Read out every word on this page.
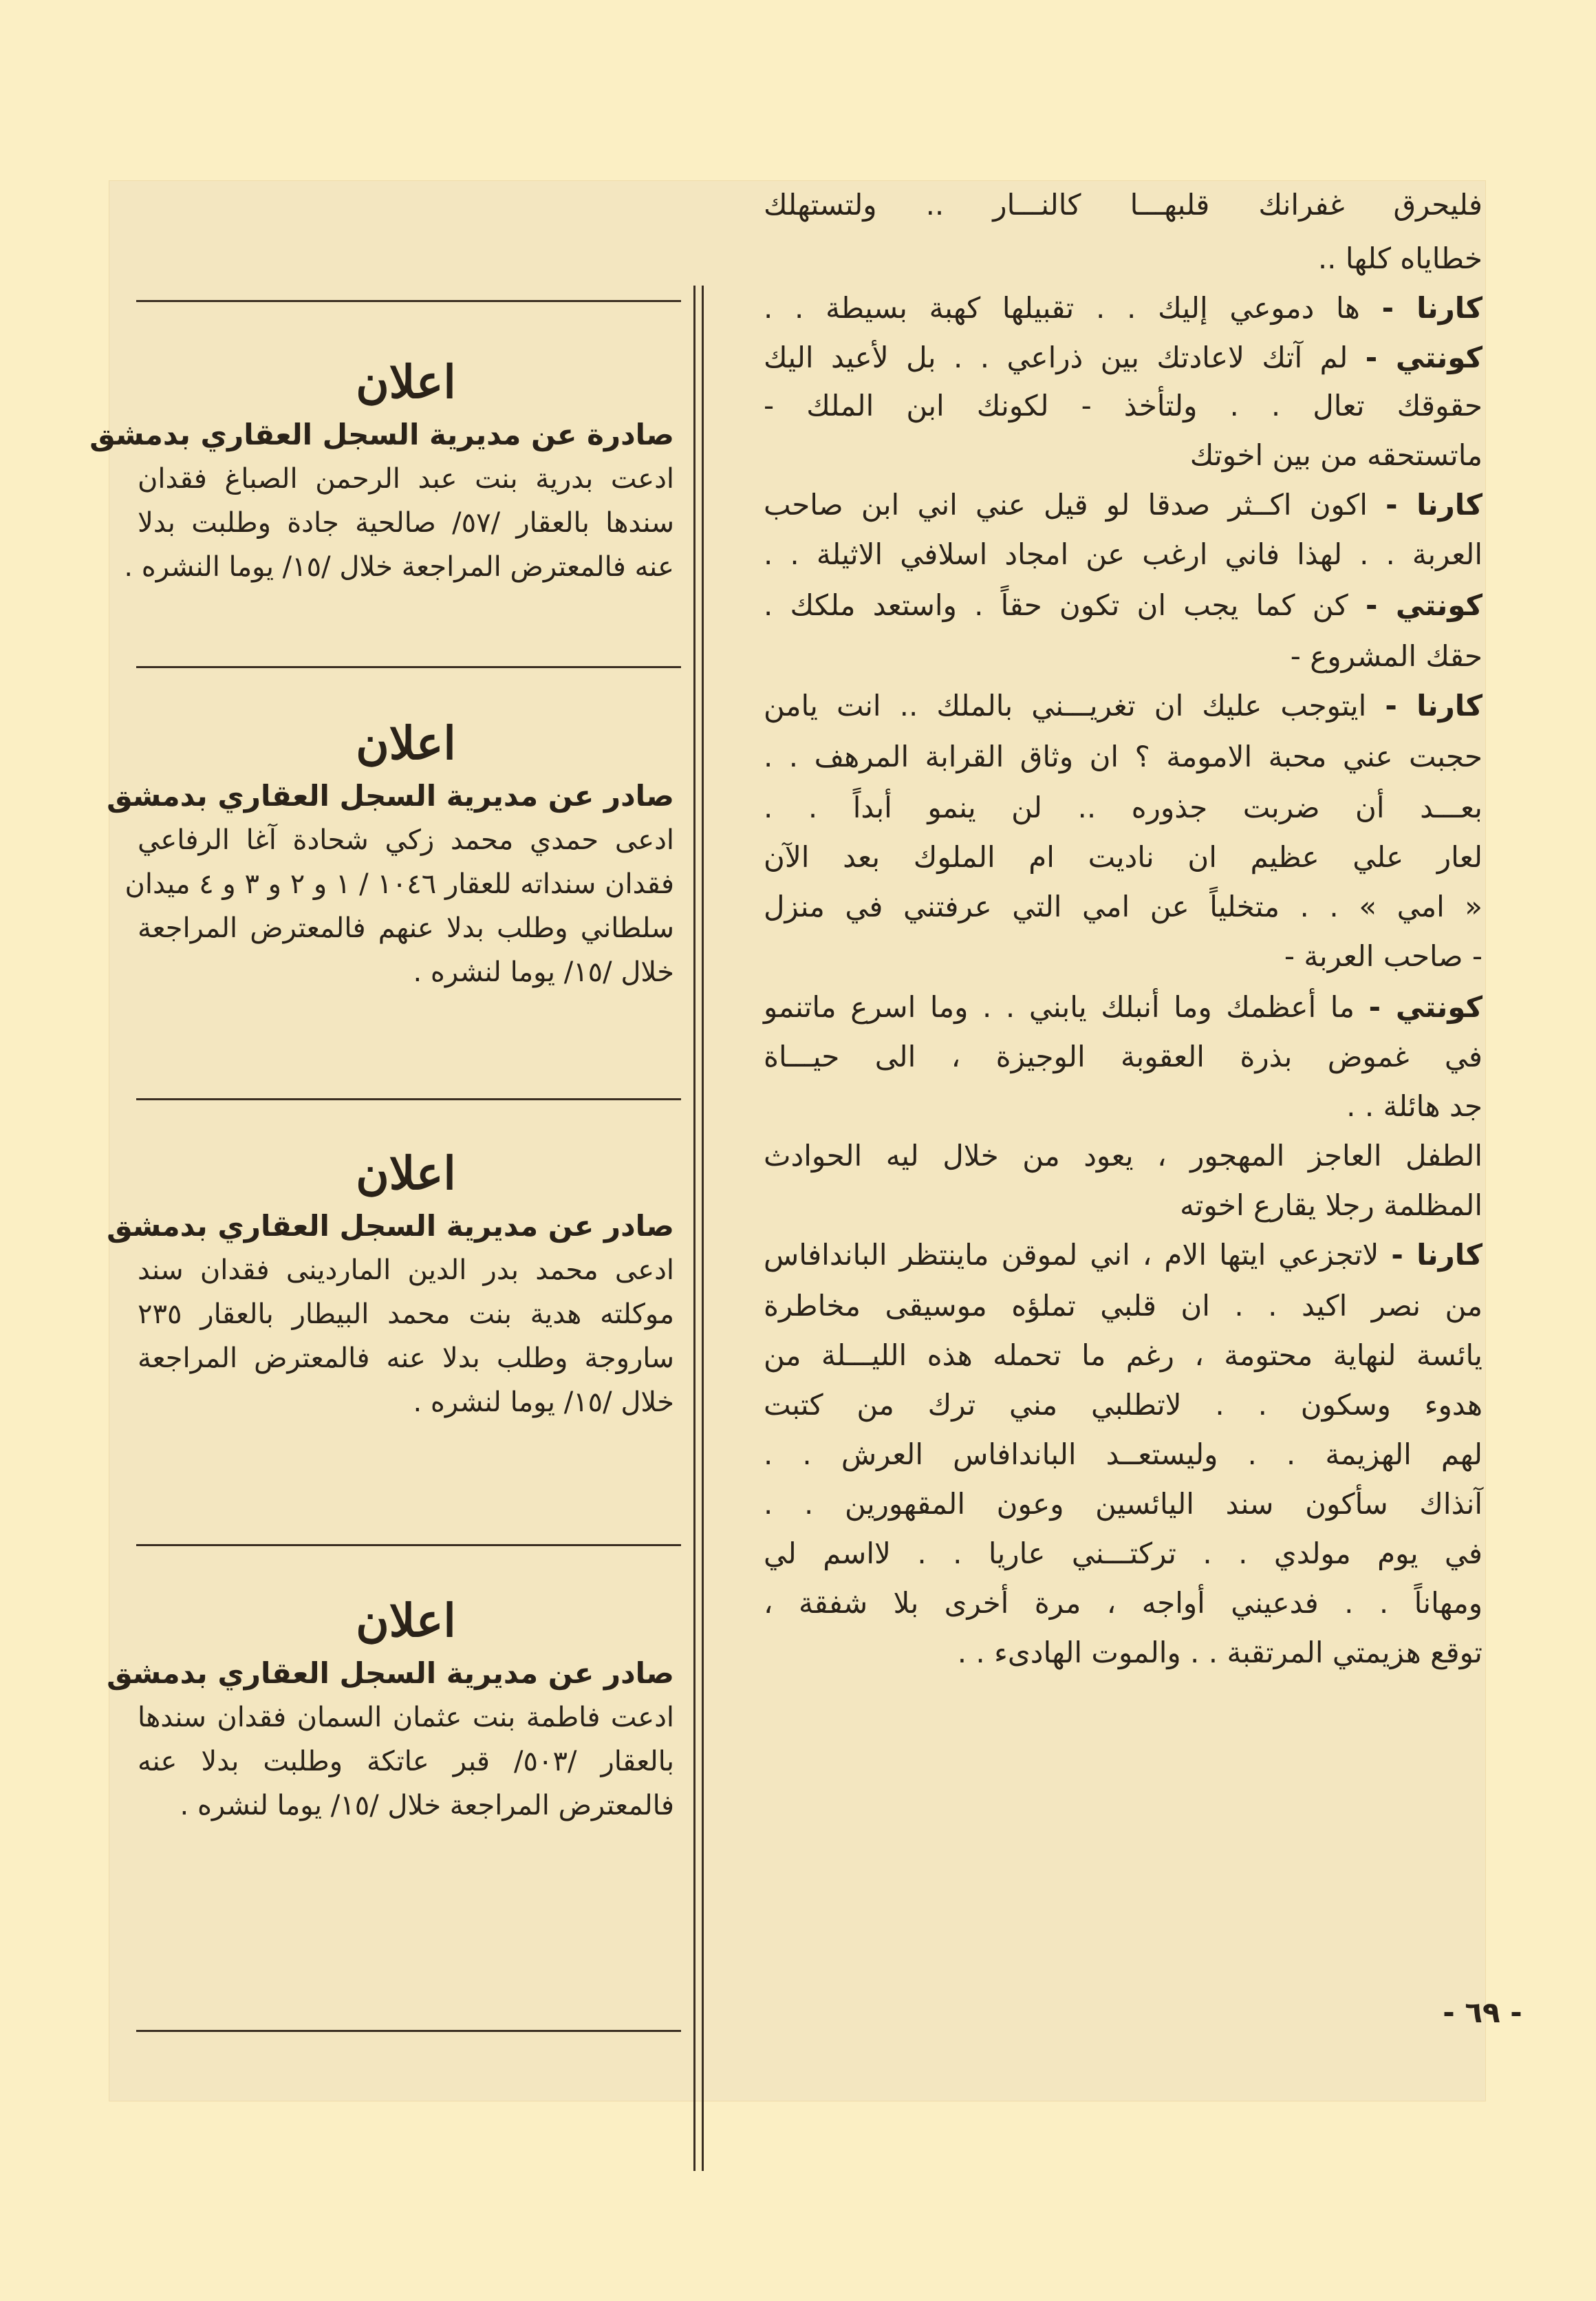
فليحرق غفرانك قلبهـــا كالنـــار .. ولتستهلك
خطاياه كلها ..
كارنا - ها دموعي إليك . . تقبيلها كهبة بسيطة . .
كونتي - لم آتك لاعادتك بين ذراعي . . بل لأعيد اليك
حقوقك تعال . . ولتأخذ - لكونك ابن الملك -
ماتستحقه من بين اخوتك
كارنا - اكون اكــثر صدقا لو قيل عني اني ابن صاحب
العربة . . لهذا فاني ارغب عن امجاد اسلافي الاثيلة . .
كونتي - كن كما يجب ان تكون حقاً . واستعد ملكك .
حقك المشروع -
كارنا - ايتوجب عليك ان تغريـــني بالملك .. انت يامن
حجبت عني محبة الامومة ؟ ان وثاق القرابة المرهف . .
بعـــد أن ضربت جذوره .. لن ينمو أبداً . .
لعار علي عظيم ان ناديت ام الملوك بعد الآن
« امي » . . متخلياً عن امي التي عرفتني في منزل
- صاحب العربة -
كونتي - ما أعظمك وما أنبلك يابني . . وما اسرع ماتنمو
في غموض بذرة العقوبة الوجيزة ، الى حيـــاة
جد هائلة . .
الطفل العاجز المهجور ، يعود من خلال ليه الحوادث
المظلمة رجلا يقارع اخوته
كارنا - لاتجزعي ايتها الام ، اني لموقن ماينتظر الباندافاس
من نصر اكيد . . ان قلبي تملؤه موسيقى مخاطرة
يائسة لنهاية محتومة ، رغم ما تحمله هذه الليـــلة من
هدوء وسكون . . لاتطلبي مني ترك من كتبت
لهم الهزيمة . . وليستعــد الباندافاس العرش . .
آنذاك سأكون سند اليائسين وعون المقهورين . .
في يوم مولدي . . تركتـــني عاريا . . لااسم لي
ومهاناً . . فدعيني أواجه ، مرة أخرى بلا شفقة ،
توقع هزيمتي المرتقبة . . والموت الهادىء . .
- ٦٩ -
اعلان
صادرة عن مديرية السجل العقاري بدمشق
ادعت بدرية بنت عبد الرحمن الصباغ فقدان
سندها بالعقار /٥٧/ صالحية جادة وطلبت بدلا
عنه فالمعترض المراجعة خلال /١٥/ يوما النشره .
اعلان
صادر عن مديرية السجل العقاري بدمشق
ادعى حمدي محمد زكي شحادة آغا الرفاعي
فقدان سنداته للعقار ١٠٤٦ / ١ و ٢ و ٣ و ٤ ميدان
سلطاني وطلب بدلا عنهم فالمعترض المراجعة
خلال /١٥/ يوما لنشره .
اعلان
صادر عن مديرية السجل العقاري بدمشق
ادعى محمد بدر الدين الماردينى فقدان سند
موكلته هدية بنت محمد البيطار بالعقار ٢٣٥
ساروجة وطلب بدلا عنه فالمعترض المراجعة
خلال /١٥/ يوما لنشره .
اعلان
صادر عن مديرية السجل العقاري بدمشق
ادعت فاطمة بنت عثمان السمان فقدان سندها
بالعقار /٥٠٣/ قبر عاتكة وطلبت بدلا عنه
فالمعترض المراجعة خلال /١٥/ يوما لنشره .
